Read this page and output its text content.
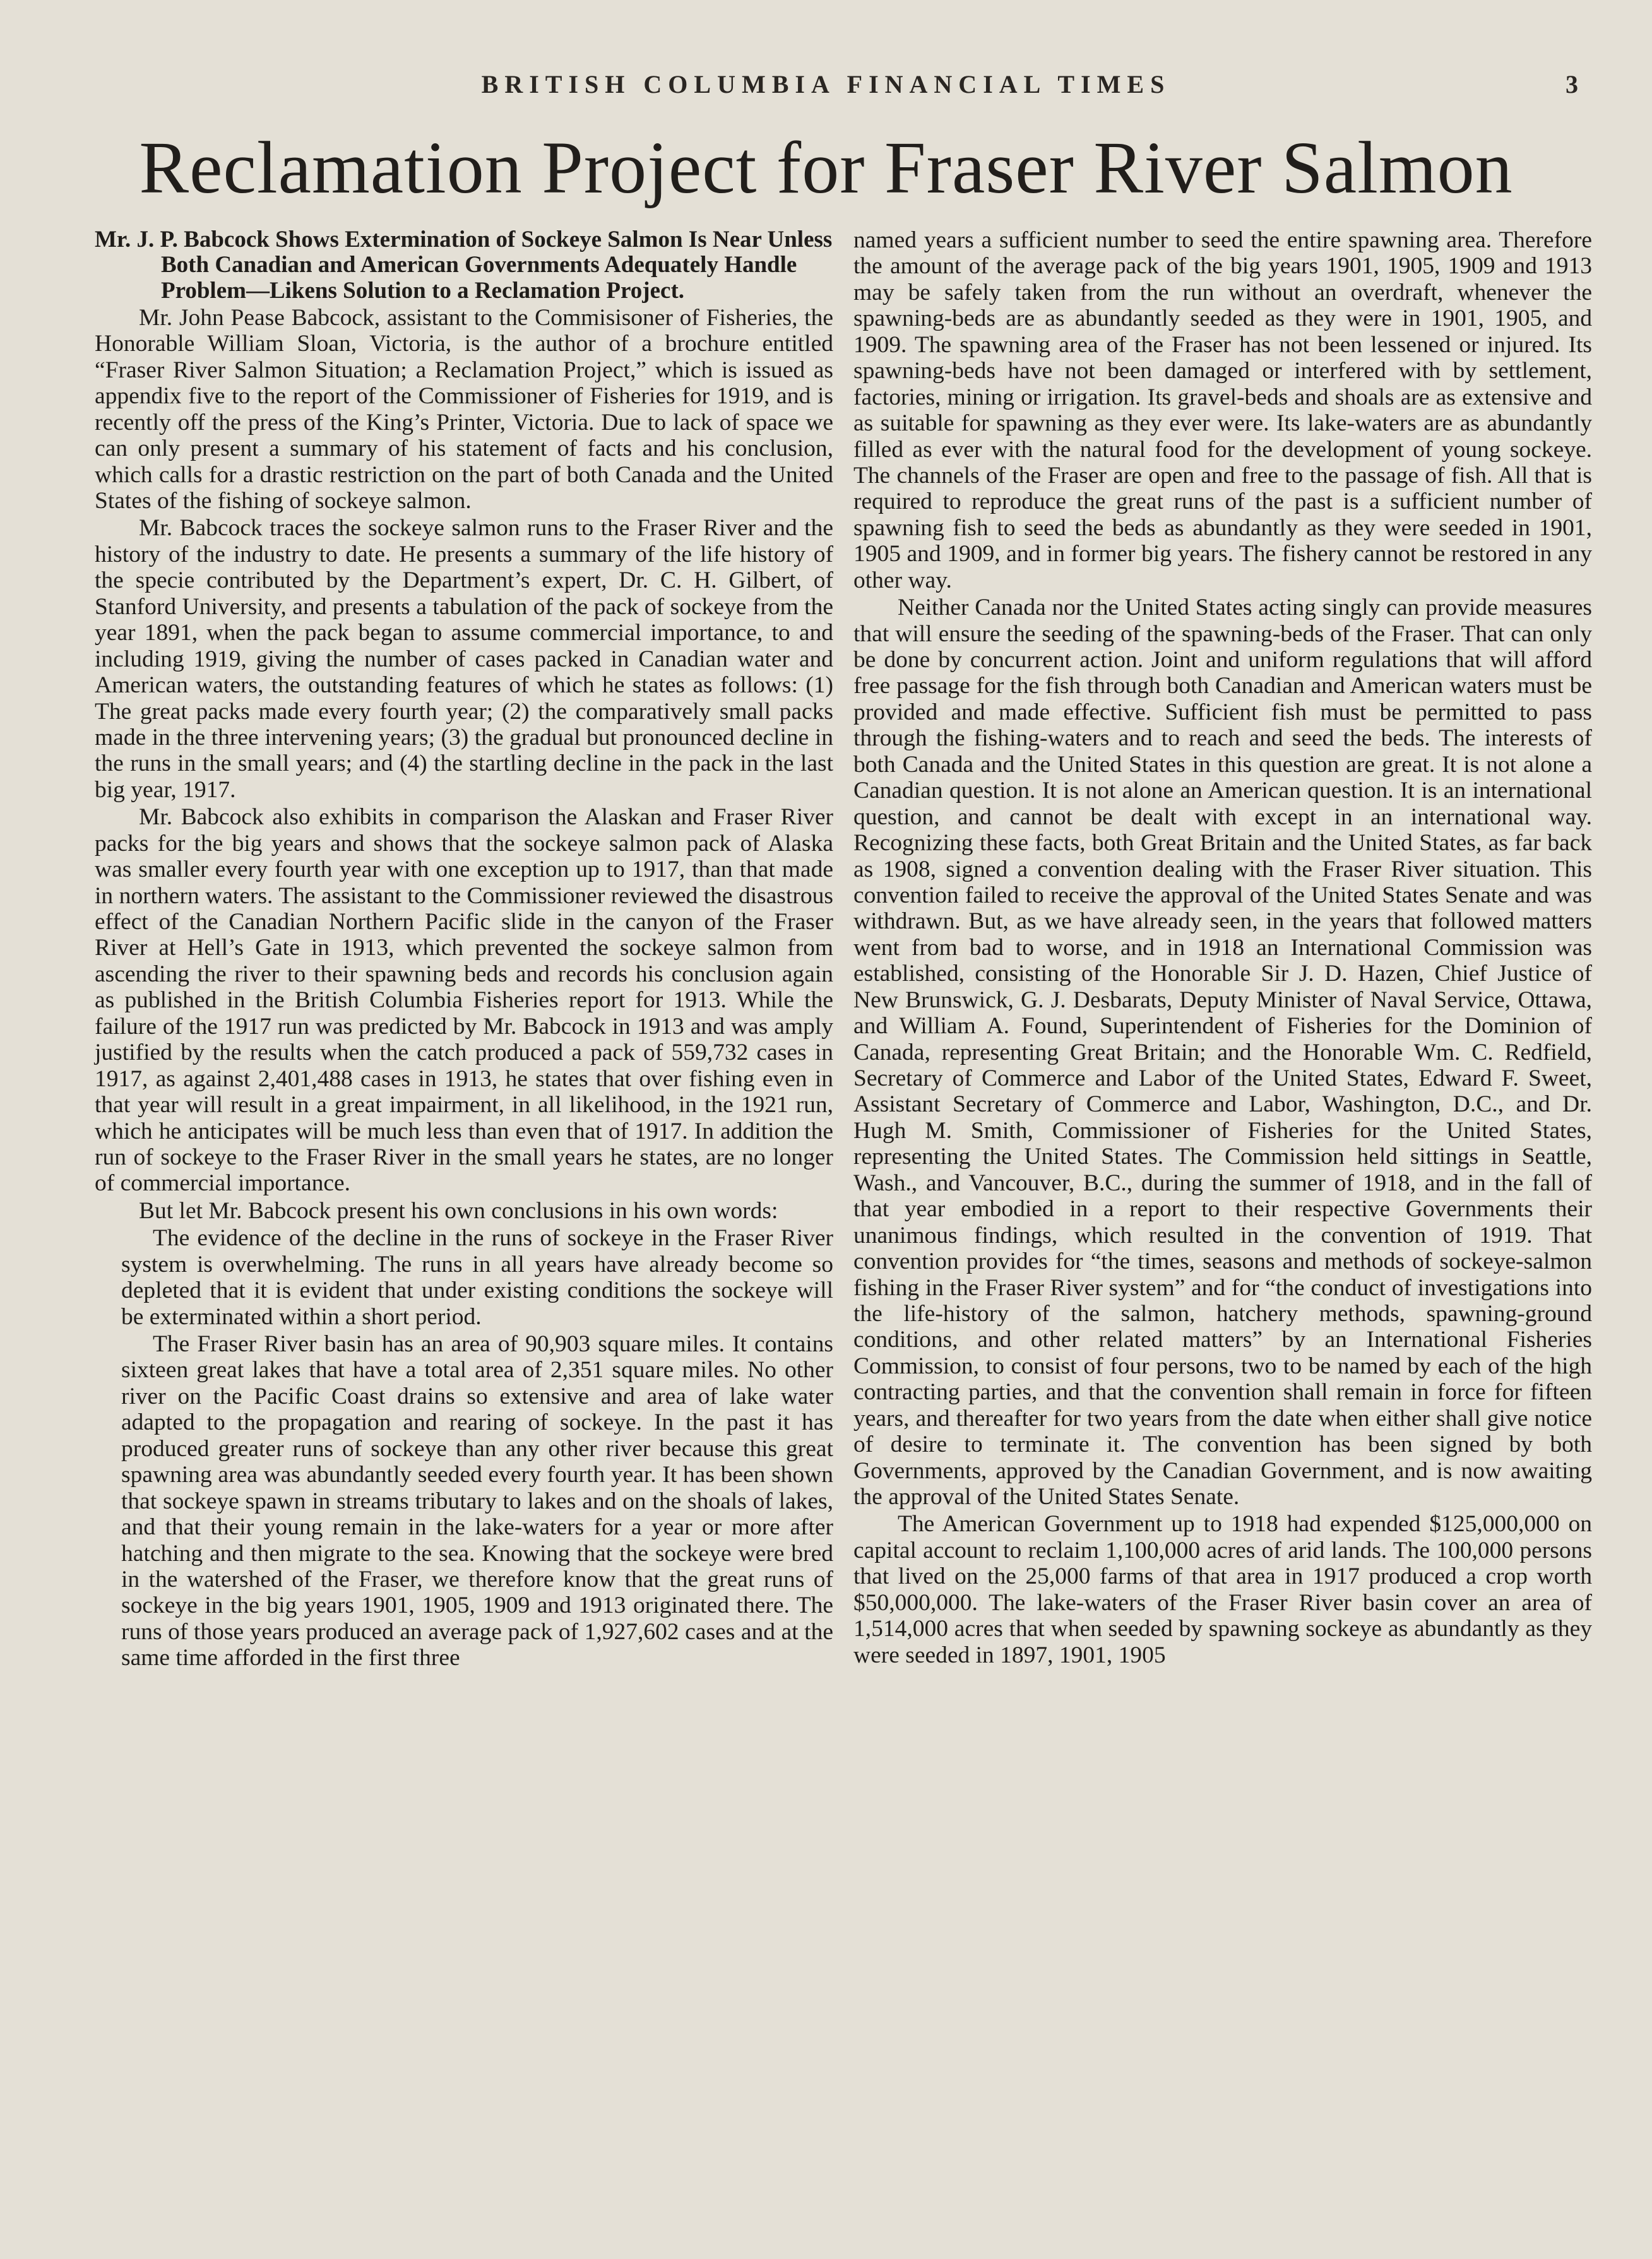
BRITISH COLUMBIA FINANCIAL TIMES	3
Reclamation Project for Fraser River Salmon

Mr. J. P. Babcock Shows Extermination of Sockeye Salmon Is Near Unless Both Canadian and American Governments Adequately Handle Problem—Likens Solution to a Reclamation Project.

Mr. John Pease Babcock, assistant to the Commisisoner of Fisheries, the Honorable William Sloan, Victoria, is the author of a brochure entitled “Fraser River Salmon Situation; a Reclamation Project,” which is issued as appendix five to the report of the Commissioner of Fisheries for 1919, and is recently off the press of the King’s Printer, Victoria. Due to lack of space we can only present a summary of his statement of facts and his conclusion, which calls for a drastic restriction on the part of both Canada and the United States of the fishing of sockeye salmon.

Mr. Babcock traces the sockeye salmon runs to the Fraser River and the history of the industry to date. He presents a summary of the life history of the specie contributed by the Department’s expert, Dr. C. H. Gilbert, of Stanford University, and presents a tabulation of the pack of sockeye from the year 1891, when the pack began to assume commercial importance, to and including 1919, giving the number of cases packed in Canadian water and American waters, the outstanding features of which he states as follows: (1) The great packs made every fourth year; (2) the comparatively small packs made in the three intervening years; (3) the gradual but pronounced decline in the runs in the small years; and (4) the startling decline in the pack in the last big year, 1917.

Mr. Babcock also exhibits in comparison the Alaskan and Fraser River packs for the big years and shows that the sockeye salmon pack of Alaska was smaller every fourth year with one exception up to 1917, than that made in northern waters. The assistant to the Commissioner reviewed the disastrous effect of the Canadian Northern Pacific slide in the canyon of the Fraser River at Hell’s Gate in 1913, which prevented the sockeye salmon from ascending the river to their spawning beds and records his conclusion again as published in the British Columbia Fisheries report for 1913. While the failure of the 1917 run was predicted by Mr. Babcock in 1913 and was amply justified by the results when the catch produced a pack of 559,732 cases in 1917, as against 2,401,488 cases in 1913, he states that over fishing even in that year will result in a great impairment, in all likelihood, in the 1921 run, which he anticipates will be much less than even that of 1917. In addition the run of sockeye to the Fraser River in the small years he states, are no longer of commercial importance.

But let Mr. Babcock present his own conclusions in his own words:

The evidence of the decline in the runs of sockeye in the Fraser River system is overwhelming. The runs in all years have already become so depleted that it is evident that under existing conditions the sockeye will be exterminated within a short period.

The Fraser River basin has an area of 90,903 square miles. It contains sixteen great lakes that have a total area of 2,351 square miles. No other river on the Pacific Coast drains so extensive and area of lake water adapted to the propagation and rearing of sockeye. In the past it has produced greater runs of sockeye than any other river because this great spawning area was abundantly seeded every fourth year. It has been shown that sockeye spawn in streams tributary to lakes and on the shoals of lakes, and that their young remain in the lake-waters for a year or more after hatching and then migrate to the sea. Knowing that the sockeye were bred in the watershed of the Fraser, we therefore know that the great runs of sockeye in the big years 1901, 1905, 1909 and 1913 originated there. The runs of those years produced an average pack of 1,927,602 cases and at the same time afforded in the first three

named years a sufficient number to seed the entire spawning area. Therefore the amount of the average pack of the big years 1901, 1905, 1909 and 1913 may be safely taken from the run without an overdraft, whenever the spawning-beds are as abundantly seeded as they were in 1901, 1905, and 1909. The spawning area of the Fraser has not been lessened or injured. Its spawning-beds have not been damaged or interfered with by settlement, factories, mining or irrigation. Its gravel-beds and shoals are as extensive and as suitable for spawning as they ever were. Its lake-waters are as abundantly filled as ever with the natural food for the development of young sockeye. The channels of the Fraser are open and free to the passage of fish. All that is required to reproduce the great runs of the past is a sufficient number of spawning fish to seed the beds as abundantly as they were seeded in 1901, 1905 and 1909, and in former big years. The fishery cannot be restored in any other way.

Neither Canada nor the United States acting singly can provide measures that will ensure the seeding of the spawning-beds of the Fraser. That can only be done by concurrent action. Joint and uniform regulations that will afford free passage for the fish through both Canadian and American waters must be provided and made effective. Sufficient fish must be permitted to pass through the fishing-waters and to reach and seed the beds. The interests of both Canada and the United States in this question are great. It is not alone a Canadian question. It is not alone an American question. It is an international question, and cannot be dealt with except in an international way. Recognizing these facts, both Great Britain and the United States, as far back as 1908, signed a convention dealing with the Fraser River situation. This convention failed to receive the approval of the United States Senate and was withdrawn. But, as we have already seen, in the years that followed matters went from bad to worse, and in 1918 an International Commission was established, consisting of the Honorable Sir J. D. Hazen, Chief Justice of New Brunswick, G. J. Desbarats, Deputy Minister of Naval Service, Ottawa, and William A. Found, Superintendent of Fisheries for the Dominion of Canada, representing Great Britain; and the Honorable Wm. C. Redfield, Secretary of Commerce and Labor of the United States, Edward F. Sweet, Assistant Secretary of Commerce and Labor, Washington, D.C., and Dr. Hugh M. Smith, Commissioner of Fisheries for the United States, representing the United States. The Commission held sittings in Seattle, Wash., and Vancouver, B.C., during the summer of 1918, and in the fall of that year embodied in a report to their respective Governments their unanimous findings, which resulted in the convention of 1919. That convention provides for “the times, seasons and methods of sockeye-salmon fishing in the Fraser River system” and for “the conduct of investigations into the life-history of the salmon, hatchery methods, spawning-ground conditions, and other related matters” by an International Fisheries Commission, to consist of four persons, two to be named by each of the high contracting parties, and that the convention shall remain in force for fifteen years, and thereafter for two years from the date when either shall give notice of desire to terminate it. The convention has been signed by both Governments, approved by the Canadian Government, and is now awaiting the approval of the United States Senate.

The American Government up to 1918 had expended $125,000,000 on capital account to reclaim 1,100,000 acres of arid lands. The 100,000 persons that lived on the 25,000 farms of that area in 1917 produced a crop worth $50,000,000. The lake-waters of the Fraser River basin cover an area of 1,514,000 acres that when seeded by spawning sockeye as abundantly as they were seeded in 1897, 1901, 1905
